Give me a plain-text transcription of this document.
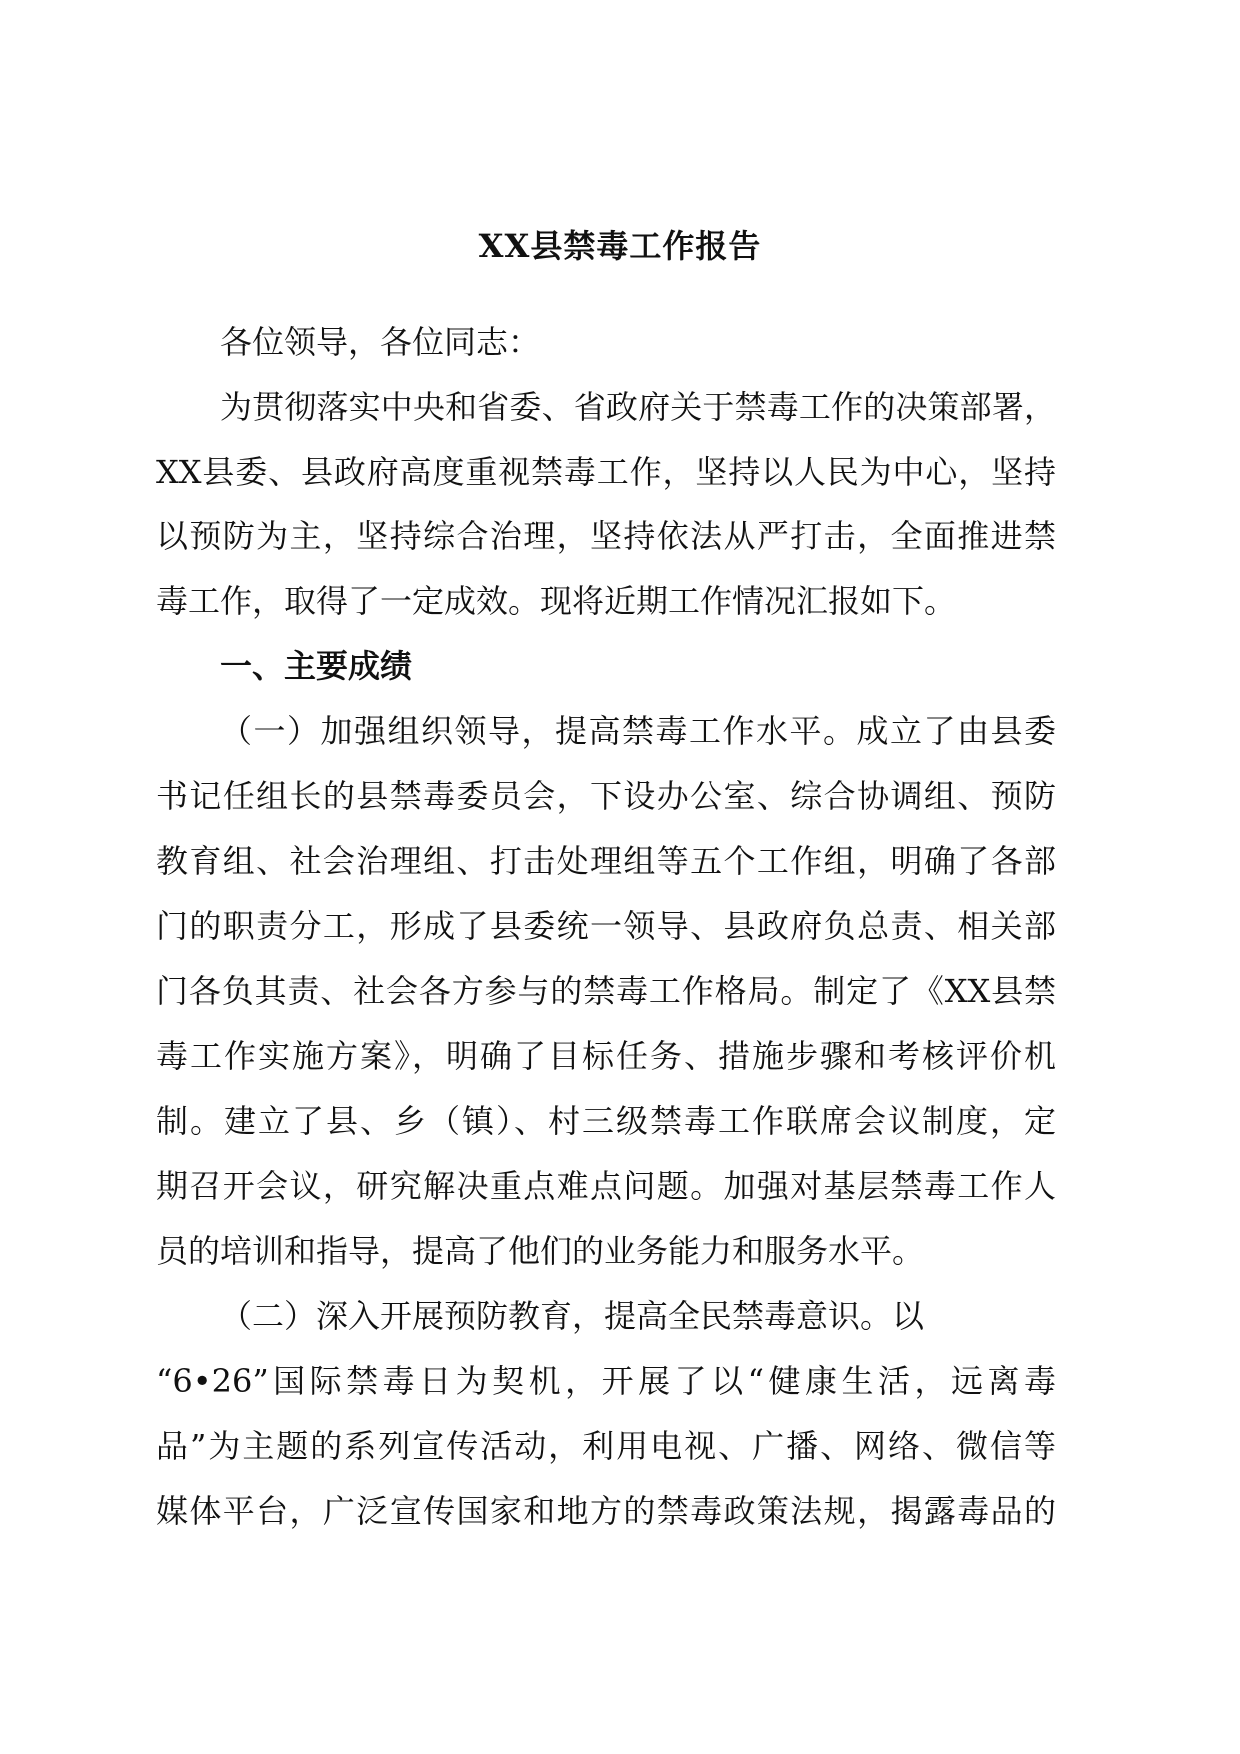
XX县禁毒工作报告

各位领导，各位同志：

为贯彻落实中央和省委、省政府关于禁毒工作的决策部署，

XX县委、县政府高度重视禁毒工作，坚持以人民为中心，坚持

以预防为主，坚持综合治理，坚持依法从严打击，全面推进禁

毒工作，取得了一定成效。现将近期工作情况汇报如下。

一、主要成绩

（一）加强组织领导，提高禁毒工作水平。成立了由县委

书记任组长的县禁毒委员会，下设办公室、综合协调组、预防

教育组、社会治理组、打击处理组等五个工作组，明确了各部

门的职责分工，形成了县委统一领导、县政府负总责、相关部

门各负其责、社会各方参与的禁毒工作格局。制定了《XX县禁

毒工作实施方案》，明确了目标任务、措施步骤和考核评价机

制。建立了县、乡（镇）、村三级禁毒工作联席会议制度，定

期召开会议，研究解决重点难点问题。加强对基层禁毒工作人

员的培训和指导，提高了他们的业务能力和服务水平。

（二）深入开展预防教育，提高全民禁毒意识。以

“6•26”国际禁毒日为契机，开展了以“健康生活，远离毒

品”为主题的系列宣传活动，利用电视、广播、网络、微信等

媒体平台，广泛宣传国家和地方的禁毒政策法规，揭露毒品的
